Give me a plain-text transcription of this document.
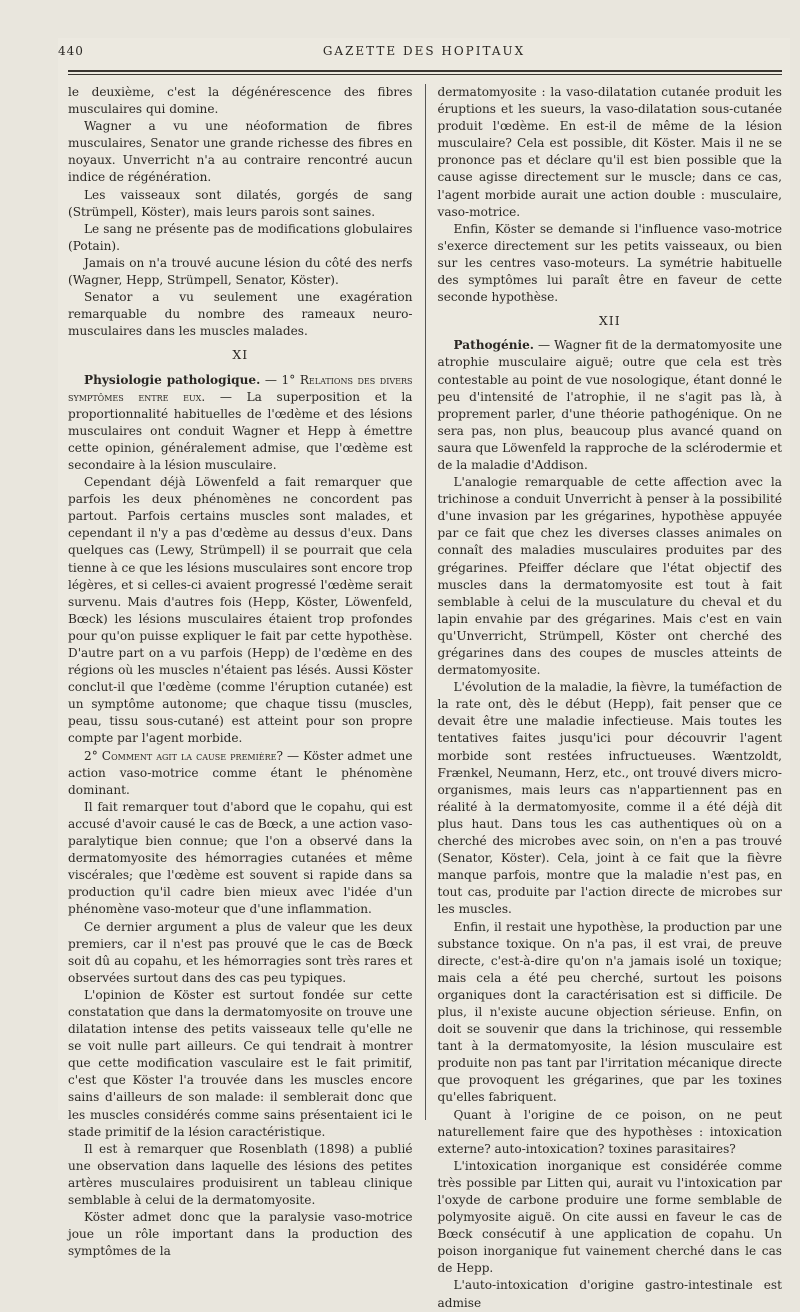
440	GAZETTE DES HOPITAUX

le deuxième, c'est la dégénérescence des fibres musculaires qui domine.

Wagner a vu une néoformation de fibres musculaires, Senator une grande richesse des fibres en noyaux. Unverricht n'a au contraire rencontré aucun indice de régénération.

Les vaisseaux sont dilatés, gorgés de sang (Strümpell, Köster), mais leurs parois sont saines.

Le sang ne présente pas de modifications globulaires (Potain).

Jamais on n'a trouvé aucune lésion du côté des nerfs (Wagner, Hepp, Strümpell, Senator, Köster).

Senator a vu seulement une exagération remarquable du nombre des rameaux neuro-musculaires dans les muscles malades.

XI

Physiologie pathologique. — 1° Relations des divers symptômes entre eux. — La superposition et la proportionnalité habituelles de l'œdème et des lésions musculaires ont conduit Wagner et Hepp à émettre cette opinion, généralement admise, que l'œdème est secondaire à la lésion musculaire.

Cependant déjà Löwenfeld a fait remarquer que parfois les deux phénomènes ne concordent pas partout. Parfois certains muscles sont malades, et cependant il n'y a pas d'œdème au dessus d'eux. Dans quelques cas (Lewy, Strümpell) il se pourrait que cela tienne à ce que les lésions musculaires sont encore trop légères, et si celles-ci avaient progressé l'œdème serait survenu. Mais d'autres fois (Hepp, Köster, Löwenfeld, Bœck) les lésions musculaires étaient trop profondes pour qu'on puisse expliquer le fait par cette hypothèse. D'autre part on a vu parfois (Hepp) de l'œdème en des régions où les muscles n'étaient pas lésés. Aussi Köster conclut-il que l'œdème (comme l'éruption cutanée) est un symptôme autonome; que chaque tissu (muscles, peau, tissu sous-cutané) est atteint pour son propre compte par l'agent morbide.

2° Comment agit la cause première? — Köster admet une action vaso-motrice comme étant le phénomène dominant.

Il fait remarquer tout d'abord que le copahu, qui est accusé d'avoir causé le cas de Bœck, a une action vaso-paralytique bien connue; que l'on a observé dans la dermatomyosite des hémorragies cutanées et même viscérales; que l'œdème est souvent si rapide dans sa production qu'il cadre bien mieux avec l'idée d'un phénomène vaso-moteur que d'une inflammation.

Ce dernier argument a plus de valeur que les deux premiers, car il n'est pas prouvé que le cas de Bœck soit dû au copahu, et les hémorragies sont très rares et observées surtout dans des cas peu typiques.

L'opinion de Köster est surtout fondée sur cette constatation que dans la dermatomyosite on trouve une dilatation intense des petits vaisseaux telle qu'elle ne se voit nulle part ailleurs. Ce qui tendrait à montrer que cette modification vasculaire est le fait primitif, c'est que Köster l'a trouvée dans les muscles encore sains d'ailleurs de son malade: il semblerait donc que les muscles considérés comme sains présentaient ici le stade primitif de la lésion caractéristique.

Il est à remarquer que Rosenblath (1898) a publié une observation dans laquelle des lésions des petites artères musculaires produisirent un tableau clinique semblable à celui de la dermatomyosite.

Köster admet donc que la paralysie vaso-motrice joue un rôle important dans la production des symptômes de la

dermatomyosite : la vaso-dilatation cutanée produit les éruptions et les sueurs, la vaso-dilatation sous-cutanée produit l'œdème. En est-il de même de la lésion musculaire? Cela est possible, dit Köster. Mais il ne se prononce pas et déclare qu'il est bien possible que la cause agisse directement sur le muscle; dans ce cas, l'agent morbide aurait une action double : musculaire, vaso-motrice.

Enfin, Köster se demande si l'influence vaso-motrice s'exerce directement sur les petits vaisseaux, ou bien sur les centres vaso-moteurs. La symétrie habituelle des symptômes lui paraît être en faveur de cette seconde hypothèse.

XII

Pathogénie. — Wagner fit de la dermatomyosite une atrophie musculaire aiguë; outre que cela est très contestable au point de vue nosologique, étant donné le peu d'intensité de l'atrophie, il ne s'agit pas là, à proprement parler, d'une théorie pathogénique. On ne sera pas, non plus, beaucoup plus avancé quand on saura que Löwenfeld la rapproche de la sclérodermie et de la maladie d'Addison.

L'analogie remarquable de cette affection avec la trichinose a conduit Unverricht à penser à la possibilité d'une invasion par les grégarines, hypothèse appuyée par ce fait que chez les diverses classes animales on connaît des maladies musculaires produites par des grégarines. Pfeiffer déclare que l'état objectif des muscles dans la dermatomyosite est tout à fait semblable à celui de la musculature du cheval et du lapin envahie par des grégarines. Mais c'est en vain qu'Unverricht, Strümpell, Köster ont cherché des grégarines dans des coupes de muscles atteints de dermatomyosite.

L'évolution de la maladie, la fièvre, la tuméfaction de la rate ont, dès le début (Hepp), fait penser que ce devait être une maladie infectieuse. Mais toutes les tentatives faites jusqu'ici pour découvrir l'agent morbide sont restées infructueuses. Wæntzoldt, Frænkel, Neumann, Herz, etc., ont trouvé divers micro-organismes, mais leurs cas n'appartiennent pas en réalité à la dermatomyosite, comme il a été déjà dit plus haut. Dans tous les cas authentiques où on a cherché des microbes avec soin, on n'en a pas trouvé (Senator, Köster). Cela, joint à ce fait que la fièvre manque parfois, montre que la maladie n'est pas, en tout cas, produite par l'action directe de microbes sur les muscles.

Enfin, il restait une hypothèse, la production par une substance toxique. On n'a pas, il est vrai, de preuve directe, c'est-à-dire qu'on n'a jamais isolé un toxique; mais cela a été peu cherché, surtout les poisons organiques dont la caractérisation est si difficile. De plus, il n'existe aucune objection sérieuse. Enfin, on doit se souvenir que dans la trichinose, qui ressemble tant à la dermatomyosite, la lésion musculaire est produite non pas tant par l'irritation mécanique directe que provoquent les grégarines, que par les toxines qu'elles fabriquent.

Quant à l'origine de ce poison, on ne peut naturellement faire que des hypothèses : intoxication externe? auto-intoxication? toxines parasitaires?

L'intoxication inorganique est considérée comme très possible par Litten qui, aurait vu l'intoxication par l'oxyde de carbone produire une forme semblable de polymyosite aiguë. On cite aussi en faveur le cas de Bœck consécutif à une application de copahu. Un poison inorganique fut vainement cherché dans le cas de Hepp.

L'auto-intoxication d'origine gastro-intestinale est admise
